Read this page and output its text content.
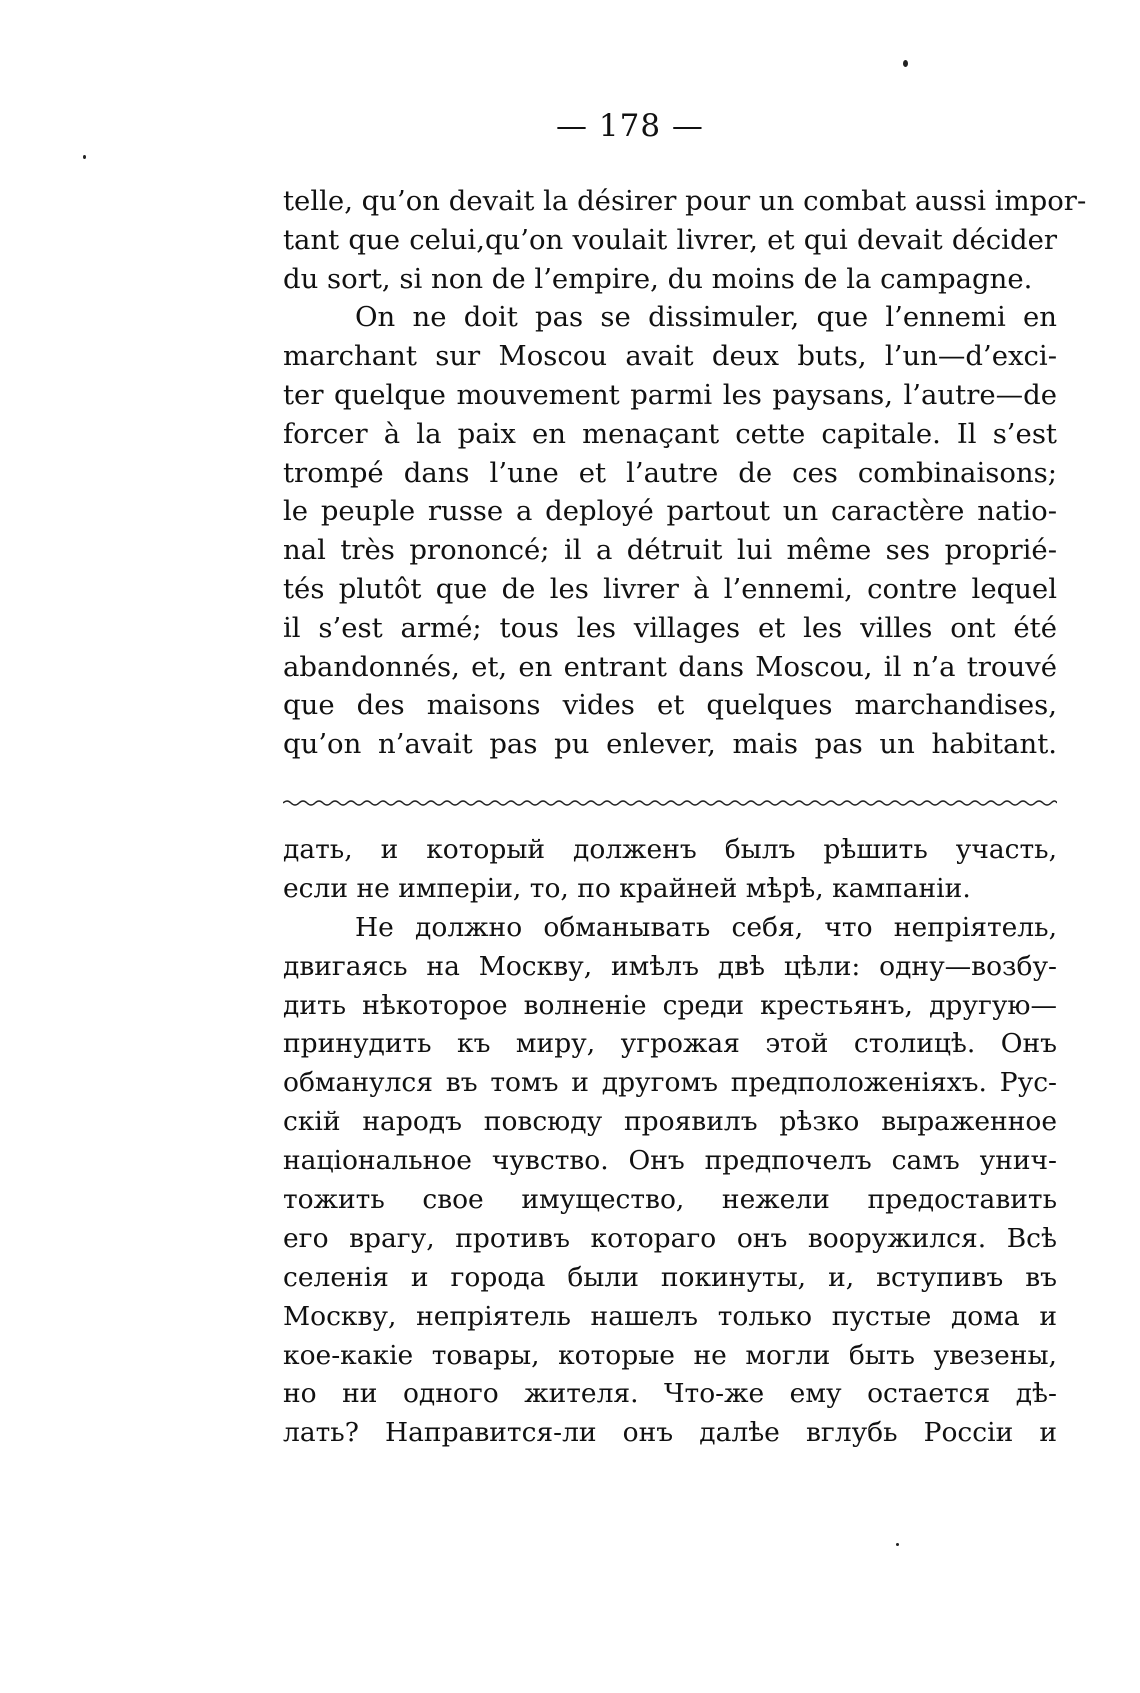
— 178 —
telle, qu’on devait la désirer pour un combat aussi impor-
tant que celui,qu’on voulait livrer, et qui devait décider
du sort, si non de l’empire, du moins de la campagne.
On ne doit pas se dissimuler, que l’ennemi en
marchant sur Moscou avait deux buts, l’un—d’exci-
ter quelque mouvement parmi les paysans, l’autre—de
forcer à la paix en menaçant cette capitale. Il s’est
trompé dans l’une et l’autre de ces combinaisons;
le peuple russe a deployé partout un caractère natio-
nal très prononcé; il a détruit lui même ses proprié-
tés plutôt que de les livrer à l’ennemi, contre lequel
il s’est armé; tous les villages et les villes ont été
abandonnés, et, en entrant dans Moscou, il n’a trouvé
que des maisons vides et quelques marchandises,
qu’on n’avait pas pu enlever, mais pas un habitant.
дать, и который долженъ былъ рѣшить участь,
если не имперіи, то, по крайней мѣрѣ, кампаніи.
Не должно обманывать себя, что непріятель,
двигаясь на Москву, имѣлъ двѣ цѣли: одну—возбу-
дить нѣкоторое волненіе среди крестьянъ, другую—
принудить къ миру, угрожая этой столицѣ. Онъ
обманулся въ томъ и другомъ предположеніяхъ. Рус-
скій народъ повсюду проявилъ рѣзко выраженное
національное чувство. Онъ предпочелъ самъ унич-
тожить свое имущество, нежели предоставить
его врагу, противъ котораго онъ вооружился. Всѣ
селенія и города были покинуты, и, вступивъ въ
Москву, непріятель нашелъ только пустые дома и
кое-какіе товары, которые не могли быть увезены,
но ни одного жителя. Что-же ему остается дѣ-
лать? Направится-ли онъ далѣе вглубь Россіи и
